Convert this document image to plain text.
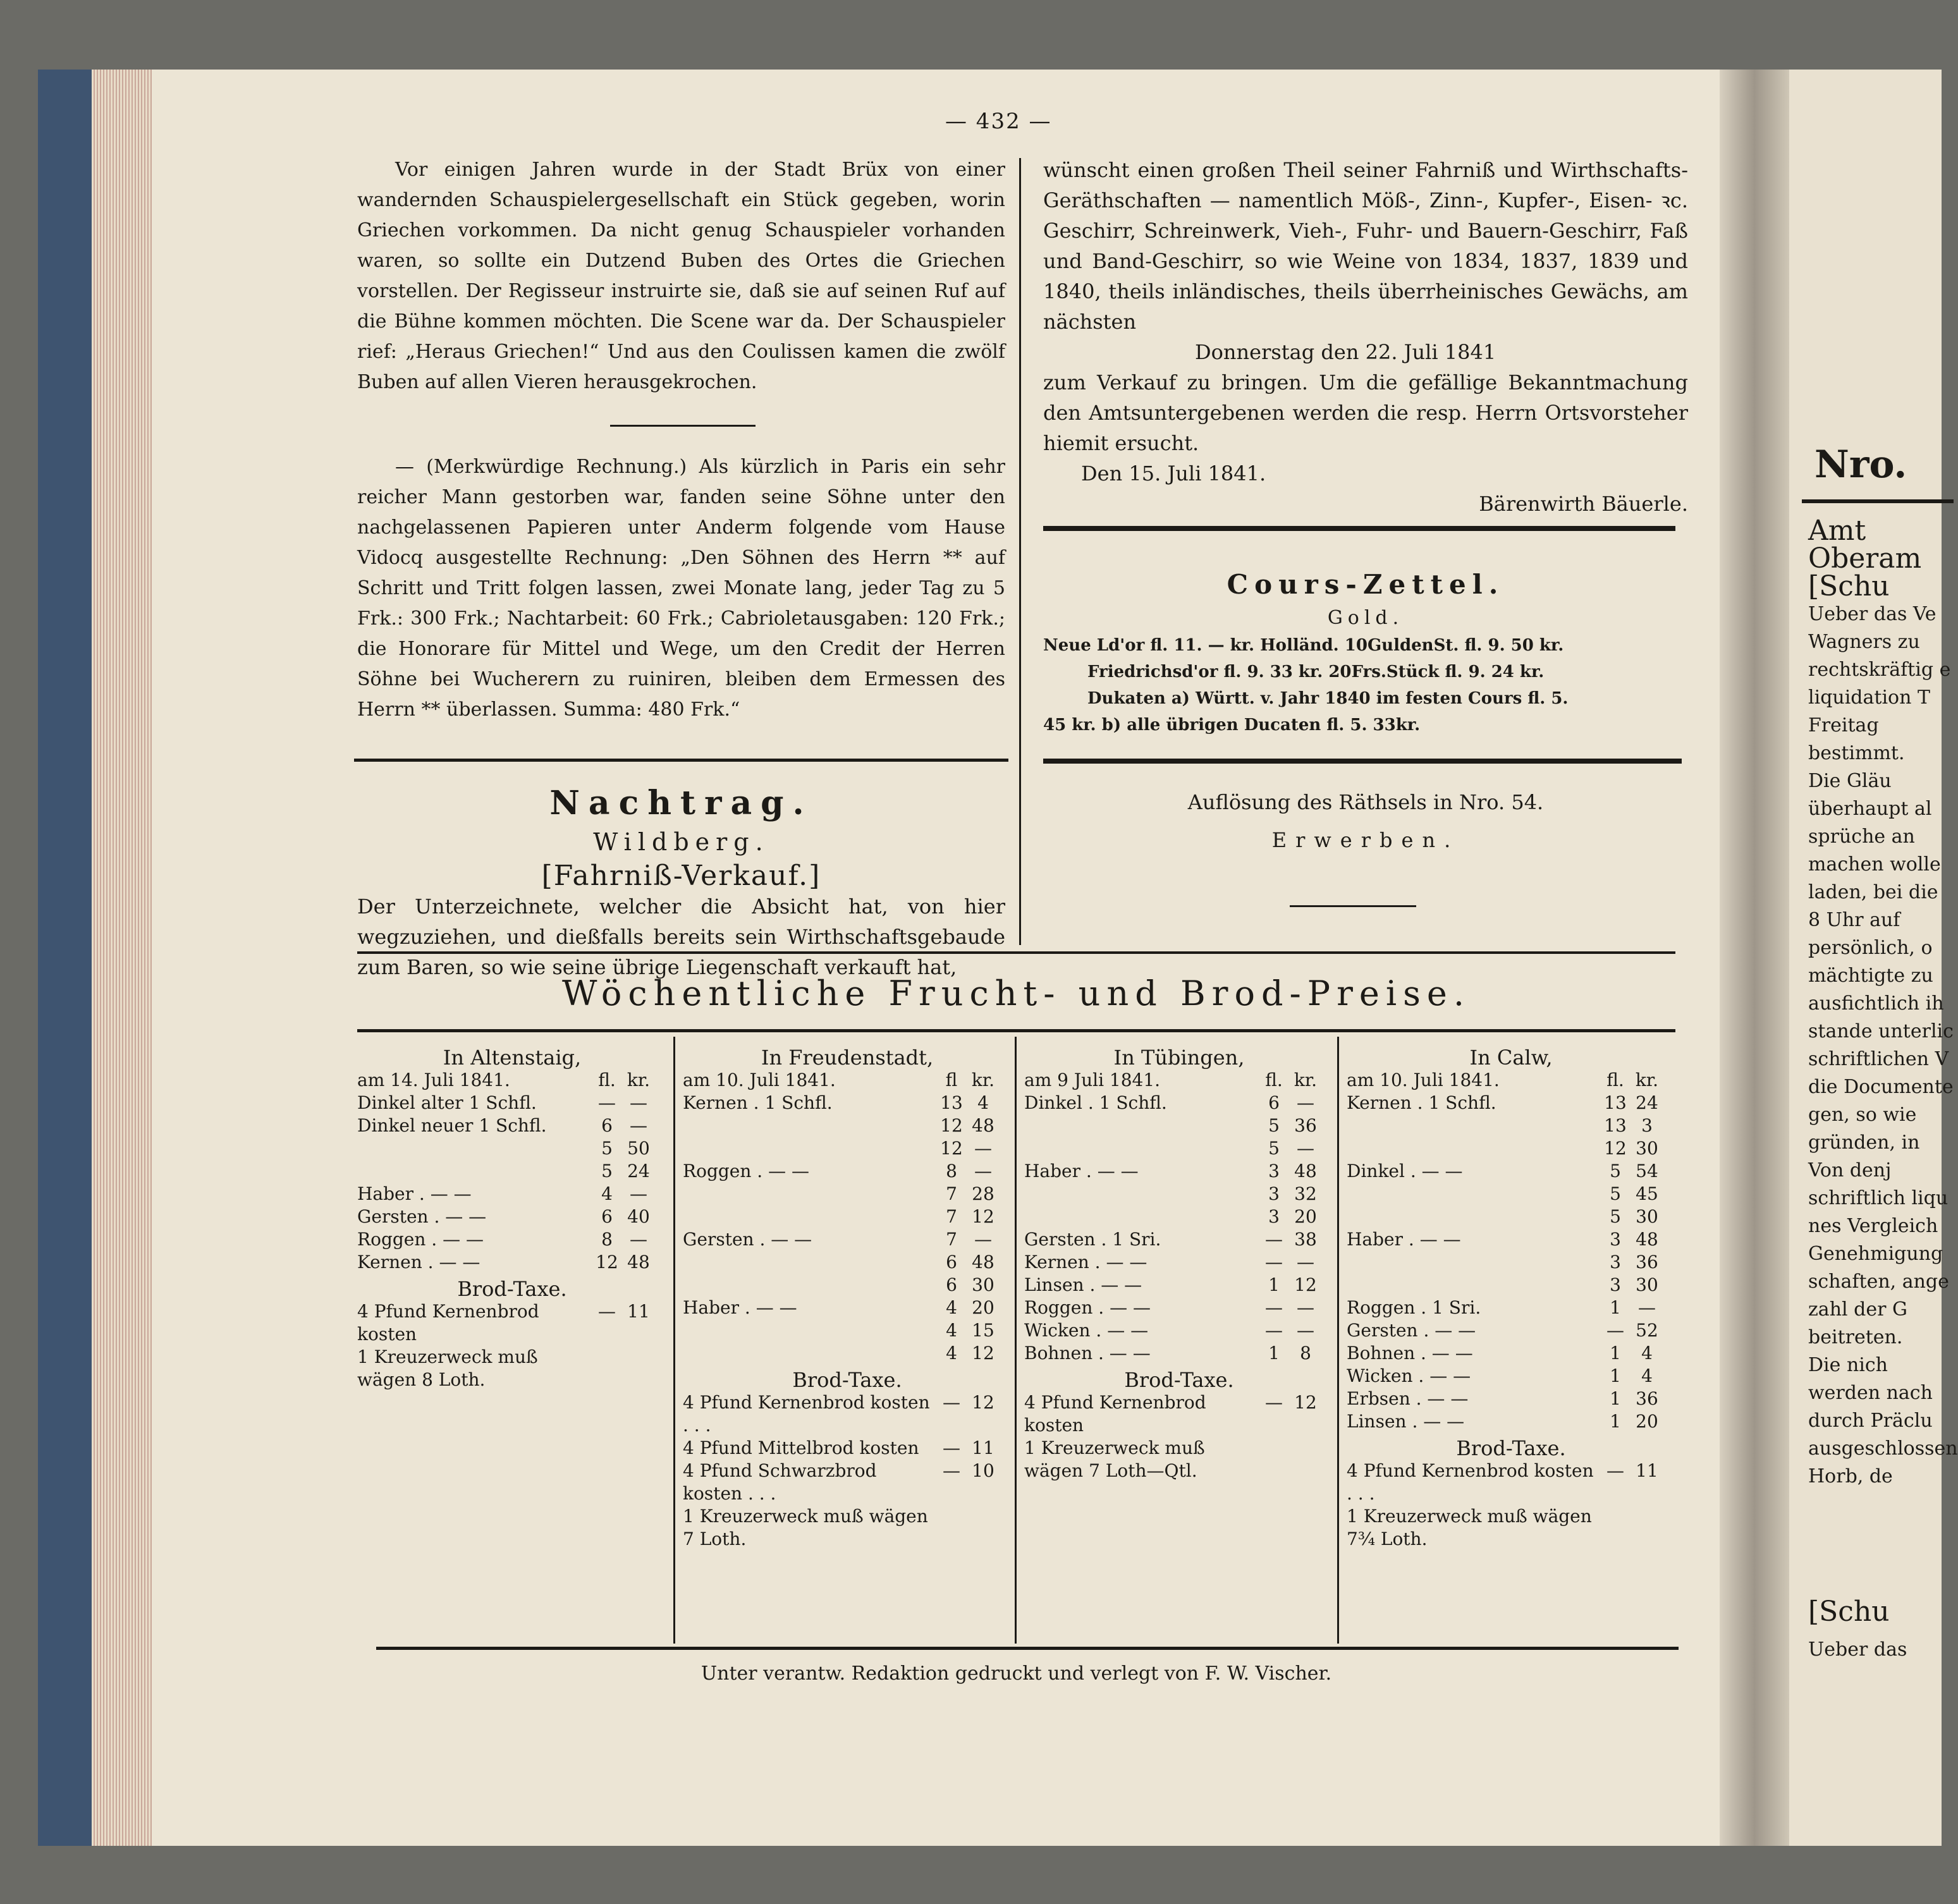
— 432 —

Vor einigen Jahren wurde in der Stadt Brüx von einer wandernden Schauspielergesellschaft ein Stück gegeben, worin Griechen vorkommen. Da nicht genug Schauspieler vorhanden waren, so sollte ein Dutzend Buben des Ortes die Griechen vorstellen. Der Regisseur instruirte sie, daß sie auf seinen Ruf auf die Bühne kommen möchten. Die Scene war da. Der Schauspieler rief: „Heraus Griechen!“ Und aus den Coulissen kamen die zwölf Buben auf allen Vieren herausgekrochen.

— (Merkwürdige Rechnung.) Als kürzlich in Paris ein sehr reicher Mann gestorben war, fanden seine Söhne unter den nachgelassenen Papieren unter Anderm folgende vom Hause Vidocq ausgestellte Rechnung: „Den Söhnen des Herrn ** auf Schritt und Tritt folgen lassen, zwei Monate lang, jeder Tag zu 5 Frk.: 300 Frk.; Nachtarbeit: 60 Frk.; Cabrioletausgaben: 120 Frk.; die Honorare für Mittel und Wege, um den Credit der Herren Söhne bei Wucherern zu ruiniren, bleiben dem Ermessen des Herrn ** überlassen. Summa: 480 Frk.“

Nachtrag.
Wildberg.
[Fahrniß-Verkauf.]

Der Unterzeichnete, welcher die Absicht hat, von hier wegzuziehen, und dießfalls bereits sein Wirthschaftsgebaude zum Baren, so wie seine übrige Liegenschaft verkauft hat,

wünscht einen großen Theil seiner Fahrniß und Wirthschafts-Geräthschaften — namentlich Möß-, Zinn-, Kupfer-, Eisen- ꝛc. Geschirr, Schreinwerk, Vieh-, Fuhr- und Bauern-Geschirr, Faß und Band-Geschirr, so wie Weine von 1834, 1837, 1839 und 1840, theils inländisches, theils überrheinisches Gewächs, am nächsten

Donnerstag den 22. Juli 1841

zum Verkauf zu bringen. Um die gefällige Bekanntmachung den Amtsuntergebenen werden die resp. Herrn Ortsvorsteher hiemit ersucht.

Den 15. Juli 1841.

Bärenwirth Bäuerle.

Cours-Zettel.
Gold.
Neue Ld'or fl. 11. — kr. Holländ. 10GuldenSt. fl. 9. 50 kr.
Friedrichsd'or fl. 9. 33 kr. 20Frs.Stück fl. 9. 24 kr.
Dukaten a) Württ. v. Jahr 1840 im festen Cours fl. 5.
45 kr. b) alle übrigen Ducaten fl. 5. 33kr.
Auflösung des Räthsels in Nro. 54.
Erwerben.
Wöchentliche Frucht- und Brod-Preise.
In Altenstaig,
am 14. Juli 1841.	fl. kr.
Dinkel alter 1 Schfl.	— —
Dinkel neuer 1 Schfl.	6 —
5 50
5 24
Haber . — —	4 —
Gersten . — —	6 40
Roggen . — —	8 —
Kernen . — —	12 48
Brod-Taxe.
4 Pfund Kernenbrod kosten
— 11
1 Kreuzerweck muß wägen 8 Loth.
In Freudenstadt,
am 10. Juli 1841.	fl kr.
Kernen . 1 Schfl.	13 4
12 48
12 —
Roggen . — —	8 —
7 28
7 12
Gersten . — —	7 —
6 48
6 30
Haber . — —	4 20
4 15
4 12
Brod-Taxe.
4 Pfund Kernenbrod kosten . . .
— 12
4 Pfund Mittelbrod kosten	— 11
4 Pfund Schwarzbrod kosten . . .
— 10
1 Kreuzerweck muß wägen 7 Loth.
In Tübingen,
am 9 Juli 1841.	fl. kr.
Dinkel . 1 Schfl.	6 —
5 36
5 —
Haber . — —	3 48
3 32
3 20
Gersten . 1 Sri.	— 38
Kernen . — —	— —
Linsen . — —	1 12
Roggen . — —	— —
Wicken . — —	— —
Bohnen . — —	1	8
Brod-Taxe.
4 Pfund Kernenbrod kosten
— 12
1 Kreuzerweck muß wägen 7 Loth—Qtl.
In Calw,
am 10. Juli 1841.	fl. kr.
Kernen . 1 Schfl.	13 24
13 3
12 30
Dinkel . — —	5 54
5 45
5 30
Haber . — —	3 48
3 36
3 30
Roggen . 1 Sri.	1 —
Gersten . — —	— 52
Bohnen . — —	1	4
Wicken . — —	1	4
Erbsen . — —	1 36
Linsen . — —	1 20
Brod-Taxe.
4 Pfund Kernenbrod kosten . . .
— 11
1 Kreuzerweck muß wägen 7¾ Loth.
Unter verantw. Redaktion gedruckt und verlegt von F. W. Vischer.
Nro.
Amt
Oberam
[Schu
Ueber das Ve
Wagners zu
rechtskräftig e
liquidation T
Freitag
bestimmt.
Die Gläu
überhaupt al
sprüche an
machen wolle
laden, bei die
8 Uhr auf
persönlich, o
mächtigte zu
ausfichtlich ih
stande unterlic
schriftlichen V
die Documente
gen, so wie
gründen, in
Von denj
schriftlich liqu
nes Vergleich
Genehmigung
schaften, ange
zahl der G
beitreten.
Die nich
werden nach
durch Präclu
ausgeschlossen
Horb, de
[Schu
Ueber das
